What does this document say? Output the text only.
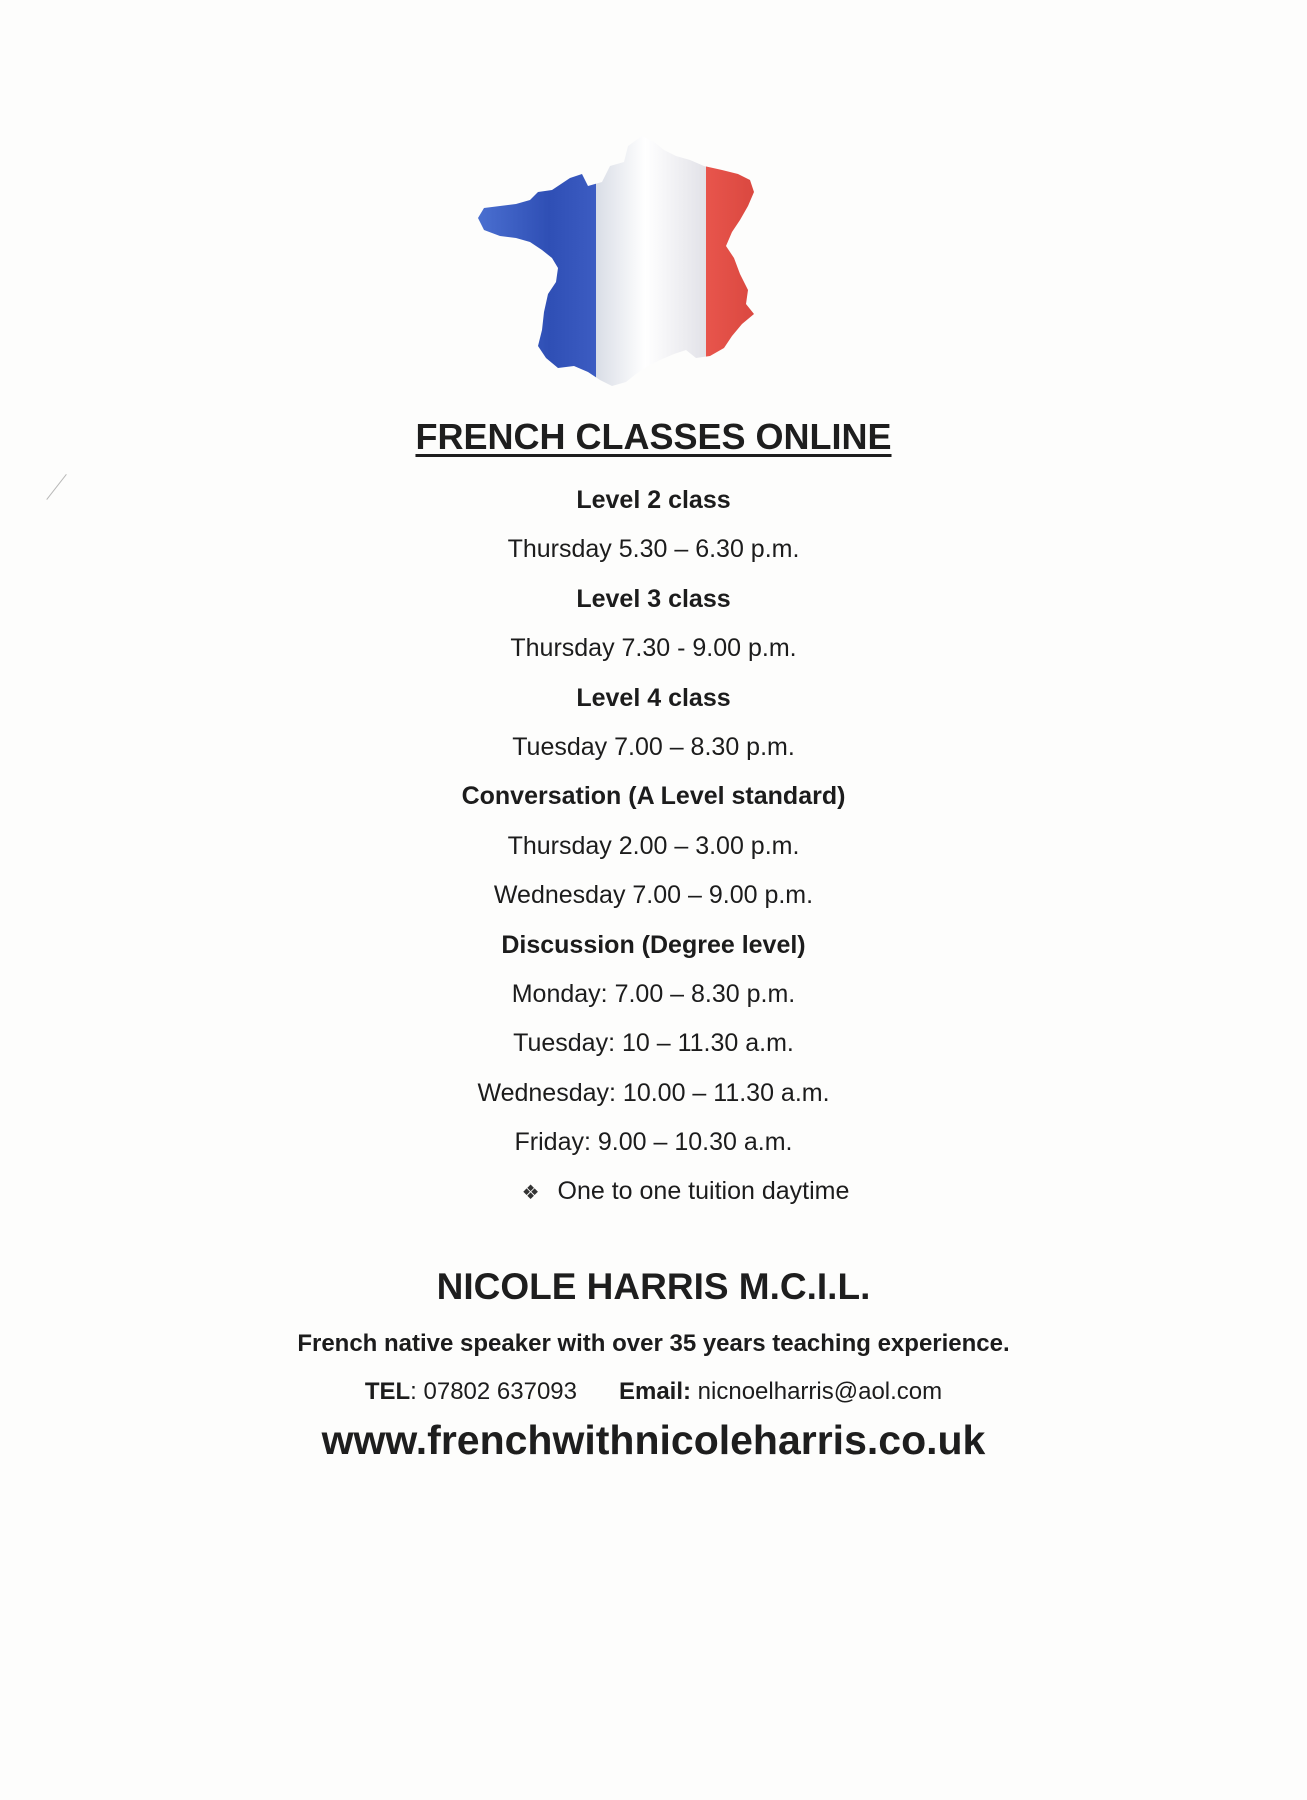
FRENCH CLASSES ONLINE
Level 2 class
Thursday 5.30 – 6.30 p.m.
Level 3 class
Thursday 7.30 - 9.00 p.m.
Level 4 class
Tuesday 7.00 – 8.30 p.m.
Conversation (A Level standard)
Thursday 2.00 – 3.00 p.m.
Wednesday 7.00 – 9.00 p.m.
Discussion (Degree level)
Monday: 7.00 – 8.30 p.m.
Tuesday: 10 – 11.30 a.m.
Wednesday: 10.00 – 11.30 a.m.
Friday: 9.00 – 10.30 a.m.
❖ One to one tuition daytime
NICOLE HARRIS M.C.I.L.
French native speaker with over 35 years teaching experience.
TEL: 07802 637093 Email: nicnoelharris@aol.com
www.frenchwithnicoleharris.co.uk
